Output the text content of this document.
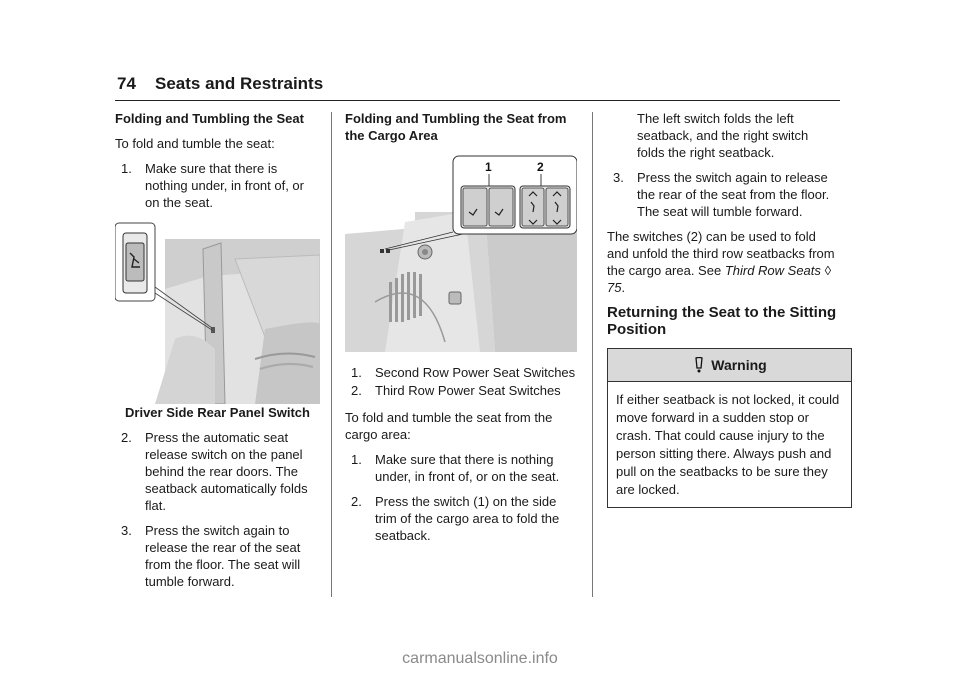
74 Seats and Restraints

Folding and Tumbling the Seat

To fold and tumble the seat:

1. Make sure that there is nothing under, in front of, or on the seat.

Driver Side Rear Panel Switch

2. Press the automatic seat release switch on the panel behind the rear doors. The seatback automatically folds flat.
3. Press the switch again to release the rear of the seat from the floor. The seat will tumble forward.

Folding and Tumbling the Seat from the Cargo Area

1	2
1. Second Row Power Seat Switches
2. Third Row Power Seat Switches

To fold and tumble the seat from the cargo area:

1. Make sure that there is nothing under, in front of, or on the seat.
2. Press the switch (1) on the side trim of the cargo area to fold the seatback.

The left switch folds the left seatback, and the right switch folds the right seatback.

3. Press the switch again to release the rear of the seat from the floor. The seat will tumble forward.

The switches (2) can be used to fold and unfold the third row seatbacks from the cargo area. See Third Row Seats ◊ 75.

Returning the Seat to the Sitting Position

Warning
If either seatback is not locked, it could move forward in a sudden stop or crash. That could cause injury to the person sitting there. Always push and pull on the seatbacks to be sure they are locked.
carmanualsonline.info
